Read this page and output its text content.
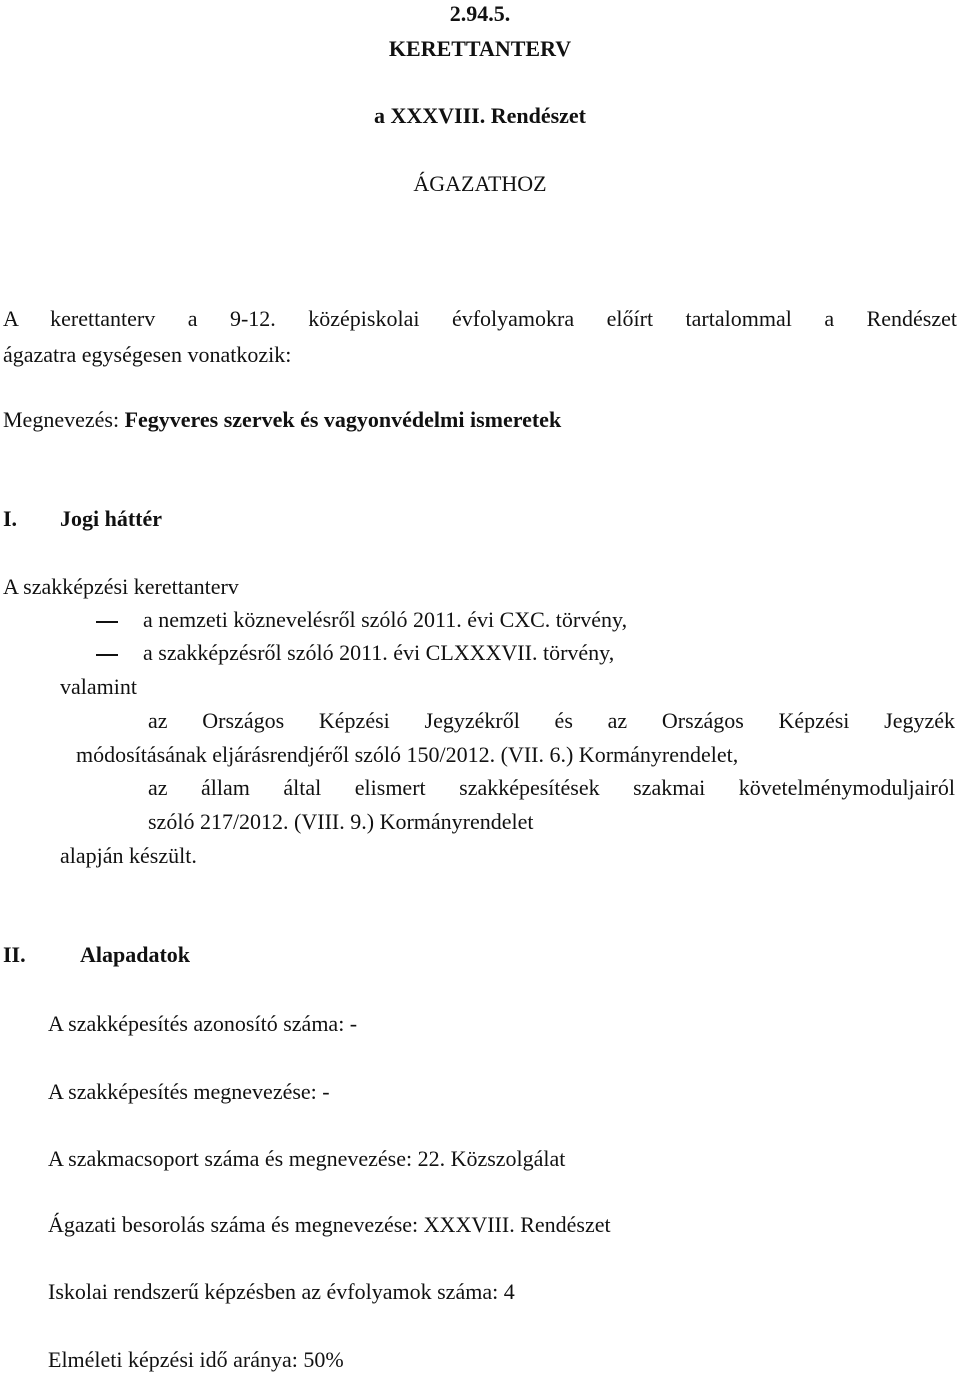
2.94.5.
KERETTANTERV
a XXXVIII. Rendészet
ÁGAZATHOZ
A kerettanterv a 9-12. középiskolai évfolyamokra előírt tartalommal a Rendészet
ágazatra egységesen vonatkozik:
Megnevezés: Fegyveres szervek és vagyonvédelmi ismeretek
I. Jogi háttér
A szakképzési kerettanterv
a nemzeti köznevelésről szóló 2011. évi CXC. törvény,
a szakképzésről szóló 2011. évi CLXXXVII. törvény,
valamint
az Országos Képzési Jegyzékről és az Országos Képzési Jegyzék
módosításának eljárásrendjéről szóló 150/2012. (VII. 6.) Kormányrendelet,
az állam által elismert szakképesítések szakmai követelménymoduljairól
szóló 217/2012. (VIII. 9.) Kormányrendelet
alapján készült.
II. Alapadatok
A szakképesítés azonosító száma: -
A szakképesítés megnevezése: -
A szakmacsoport száma és megnevezése: 22. Közszolgálat
Ágazati besorolás száma és megnevezése: XXXVIII. Rendészet
Iskolai rendszerű képzésben az évfolyamok száma: 4
Elméleti képzési idő aránya: 50%
